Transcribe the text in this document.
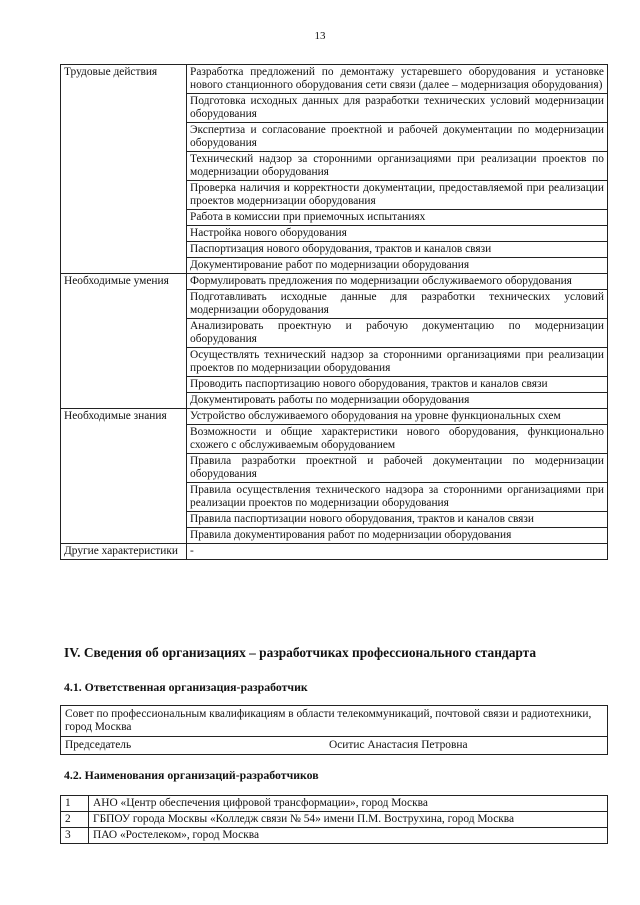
13
Трудовые действия	Разработка предложений по демонтажу устаревшего оборудования и установке нового станционного оборудования сети связи (далее – модернизация оборудования)
	Подготовка исходных данных для разработки технических условий модернизации оборудования
	Экспертиза и согласование проектной и рабочей документации по модернизации оборудования
	Технический надзор за сторонними организациями при реализации проектов по модернизации оборудования
	Проверка наличия и корректности документации, предоставляемой при реализации проектов модернизации оборудования
	Работа в комиссии при приемочных испытаниях
	Настройка нового оборудования
	Паспортизация нового оборудования, трактов и каналов связи
	Документирование работ по модернизации оборудования
Необходимые умения	Формулировать предложения по модернизации обслуживаемого оборудования
	Подготавливать исходные данные для разработки технических условий модернизации оборудования
	Анализировать проектную и рабочую документацию по модернизации оборудования
	Осуществлять технический надзор за сторонними организациями при реализации проектов по модернизации оборудования
	Проводить паспортизацию нового оборудования, трактов и каналов связи
	Документировать работы по модернизации оборудования
Необходимые знания	Устройство обслуживаемого оборудования на уровне функциональных схем
	Возможности и общие характеристики нового оборудования, функционально схожего с обслуживаемым оборудованием
	Правила разработки проектной и рабочей документации по модернизации оборудования
	Правила осуществления технического надзора за сторонними организациями при реализации проектов по модернизации оборудования
	Правила паспортизации нового оборудования, трактов и каналов связи
	Правила документирования работ по модернизации оборудования
Другие характеристики	-
IV. Сведения об организациях – разработчиках профессионального стандарта
4.1. Ответственная организация-разработчик
Совет по профессиональным квалификациям в области телекоммуникаций, почтовой связи и радиотехники, город Москва
Председатель	Оситис Анастасия Петровна
4.2. Наименования организаций-разработчиков
1	АНО «Центр обеспечения цифровой трансформации», город Москва
2	ГБПОУ города Москвы «Колледж связи № 54» имени П.М. Вострухина, город Москва
3	ПАО «Ростелеком», город Москва
